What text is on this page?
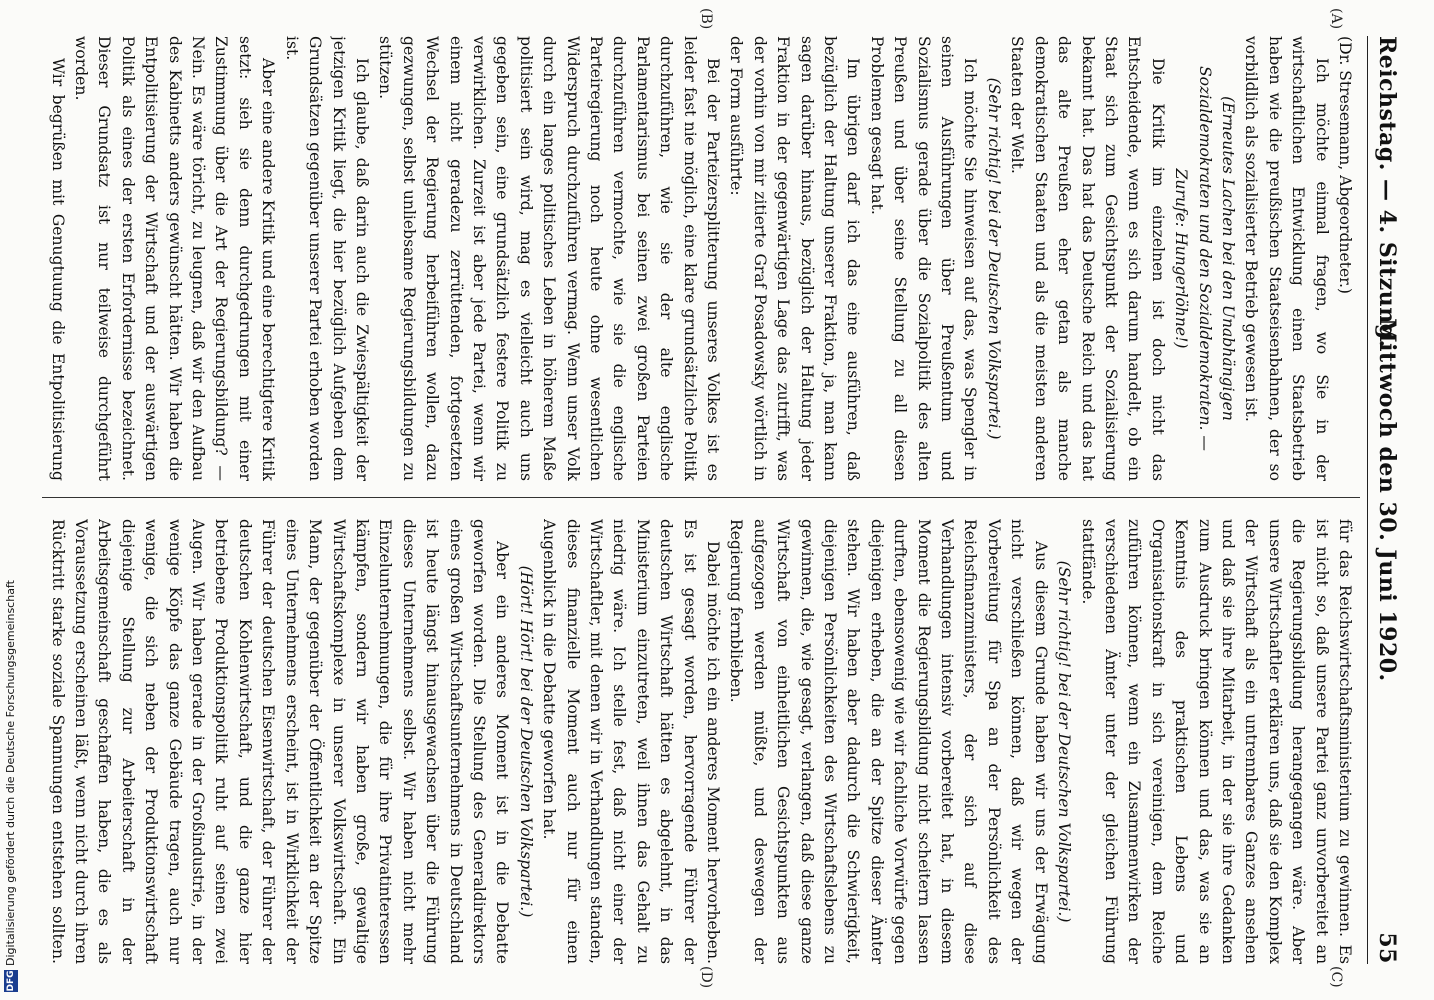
Reichstag. — 4. Sitzung.
Mittwoch den 30. Juni 1920.
55
(A)
(B)
(C)
(D)

(Dr. Stresemann, Abgeordneter.)

Ich möchte einmal fragen, wo Sie in der wirtschaftlichen Entwicklung einen Staatsbetrieb haben wie die preußischen Staatseisenbahnen, der so vorbildlich als sozialisierter Betrieb gewesen ist.

(Erneutes Lachen bei den Unabhängigen Sozialdemokraten und den Sozialdemokraten. — Zurufe: Hungerlöhne!)

Die Kritik im einzelnen ist doch nicht das Entscheidende, wenn es sich darum handelt, ob ein Staat sich zum Gesichtspunkt der Sozialisierung bekannt hat. Das hat das Deutsche Reich und das hat das alte Preußen eher getan als manche demokratischen Staaten und als die meisten anderen Staaten der Welt.

(Sehr richtig! bei der Deutschen Volkspartei.)

Ich möchte Sie hinweisen auf das, was Spengler in seinen Ausführungen über Preußentum und Sozialismus gerade über die Sozialpolitik des alten Preußen und über seine Stellung zu all diesen Problemen gesagt hat.

Im übrigen darf ich das eine ausführen, daß bezüglich der Haltung unserer Fraktion, ja, man kann sagen darüber hinaus, bezüglich der Haltung jeder Fraktion in der gegenwärtigen Lage das zutrifft, was der vorhin von mir zitierte Graf Posadowsky wörtlich in der Form ausführte:

Bei der Parteizersplitterung unseres Volkes ist es leider fast nie möglich, eine klare grundsätzliche Politik durchzuführen, wie sie der alte englische Parlamentarismus bei seinen zwei großen Parteien durchzuführen vermochte, wie sie die englische Parteiregierung noch heute ohne wesentlichen Widerspruch durchzuführen vermag. Wenn unser Volk durch ein langes politisches Leben in höherem Maße politisiert sein wird, mag es vielleicht auch uns gegeben sein, eine grundsätzlich festere Politik zu verwirklichen. Zurzeit ist aber jede Partei, wenn wir einem nicht geradezu zerrüttenden, fortgesetzten Wechsel der Regierung herbeiführen wollen, dazu gezwungen, selbst unliebsame Regierungsbildungen zu stützen.

Ich glaube, daß darin auch die Zwiespältigkeit der jetzigen Kritik liegt, die hier bezüglich Aufgeben dem Grundsätzen gegenüber unserer Partei erhoben worden ist.

Aber eine andere Kritik und eine berechtigtere Kritik setzt: sieh sie denn durchgedrungen mit einer Zustimmung über die Art der Regierungsbildung? — Nein. Es wäre töricht, zu leugnen, daß wir den Aufbau des Kabinetts anders gewünscht hätten. Wir haben die Entpolitisierung der Wirtschaft und der auswärtigen Politik als eines der ersten Erfordernisse bezeichnet. Dieser Grundsatz ist nur teilweise durchgeführt worden.

Wir begrüßen mit Genugtuung die Entpolitisierung

für das Reichswirtschaftsministerium zu gewinnen. Es ist nicht so, daß unsere Partei ganz unvorbereitet an die Regierungsbildung herangegangen wäre. Aber unsere Wirtschaftler erklären uns, daß sie den Komplex der Wirtschaft als ein untrennbares Ganzes ansehen und daß sie ihre Mitarbeit, in der sie ihre Gedanken zum Ausdruck bringen können und das, was sie an Kenntnis des praktischen Lebens und Organisationskraft in sich vereinigen, dem Reiche zuführen können, wenn ein Zusammenwirken der verschiedenen Ämter unter der gleichen Führung stattfände.

(Sehr richtig! bei der Deutschen Volkspartei.)

Aus diesem Grunde haben wir uns der Erwägung nicht verschließen können, daß wir wegen der Vorbereitung für Spa an der Persönlichkeit des Reichsfinanzministers, der sich auf diese Verhandlungen intensiv vorbereitet hat, in diesem Moment die Regierungsbildung nicht scheitern lassen durften, ebensowenig wie wir fachliche Vorwürfe gegen diejenigen erheben, die an der Spitze dieser Ämter stehen. Wir haben aber dadurch die Schwierigkeit, diejenigen Persönlichkeiten des Wirtschaftslebens zu gewinnen, die, wie gesagt, verlangen, daß diese ganze Wirtschaft von einheitlichen Gesichtspunkten aus aufgezogen werden müßte, und deswegen der Regierung fernblieben.

Dabei möchte ich ein anderes Moment hervorheben. Es ist gesagt worden, hervorragende Führer der deutschen Wirtschaft hätten es abgelehnt, in das Ministerium einzutreten, weil ihnen das Gehalt zu niedrig wäre. Ich stelle fest, daß nicht einer der Wirtschaftler, mit denen wir in Verhandlungen standen, dieses finanzielle Moment auch nur für einen Augenblick in die Debatte geworfen hat.

(Hört! Hört! bei der Deutschen Volkspartei.)

Aber ein anderes Moment ist in die Debatte geworfen worden. Die Stellung des Generaldirektors eines großen Wirtschaftsunternehmens in Deutschland ist heute längst hinausgewachsen über die Führung dieses Unternehmens selbst. Wir haben nicht mehr Einzelunternehmungen, die für ihre Privatinteressen kämpfen, sondern wir haben große, gewaltige Wirtschaftskomplexe in unserer Volkswirtschaft. Ein Mann, der gegenüber der Öffentlichkeit an der Spitze eines Unternehmens erscheint, ist in Wirklichkeit der Führer der deutschen Eisenwirtschaft, der Führer der deutschen Kohlenwirtschaft, und die ganze hier betriebene Produktionspolitik ruht auf seinen zwei Augen. Wir haben gerade in der Großindustrie, in der wenige Köpfe das ganze Gebäude tragen, auch nur wenige, die sich neben der Produktionswirtschaft diejenige Stellung zur Arbeiterschaft in der Arbeitsgemeinschaft geschaffen haben, die es als Voraussetzung erscheinen läßt, wenn nicht durch ihren Rücktritt starke soziale Spannungen entstehen sollten.

DFGDigitalisierung gefördert durch die Deutsche Forschungsgemeinschaft
